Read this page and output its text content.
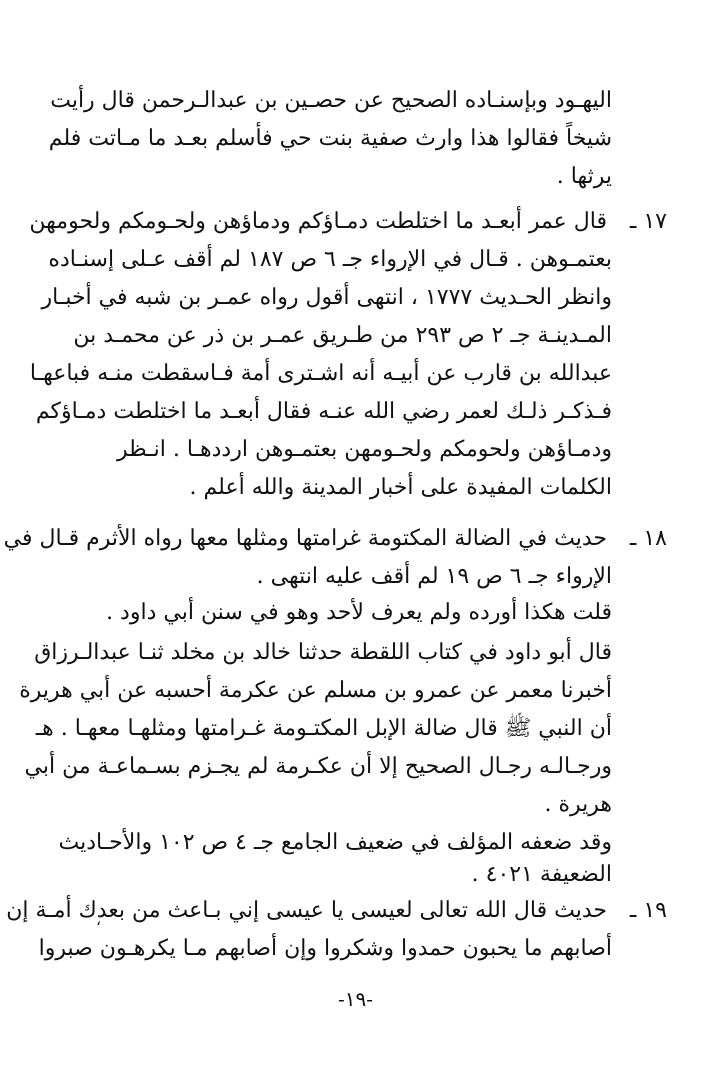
اليهـود وبإسنـاده الصحيح عن حصـين بن عبدالـرحمن قال رأيت
شيخاً فقالوا هذا وارث صفية بنت حي فأسلم بعـد ما مـاتت فلم
يرثها .
١٧ ـ
قال عمر أبعـد ما اختلطت دمـاؤكم ودماؤهن ولحـومكم ولحومهن
بعتمـوهن . قـال في الإرواء جـ ٦ ص ١٨٧ لم أقف عـلى إسنـاده
وانظر الحـديث ١٧٧٧ ، انتهى أقول رواه عمـر بن شبه في أخبـار
المـدينـة جـ ٢ ص ٢٩٣ من طـريق عمـر بن ذر عن محمـد بن
عبدالله بن قارب عن أبيـه أنه اشـترى أمة فـاسقطت منـه فباعهـا
فـذكـر ذلـك لعمر رضي الله عنـه فقال أبعـد ما اختلطت دمـاؤكم
ودمـاؤهن ولحومكم ولحـومهن بعتمـوهن ارددهـا . انـظر
الكلمات المفيدة على أخبار المدينة والله أعلم .
١٨ ـ
حديث في الضالة المكتومة غرامتها ومثلها معها رواه الأثرم قـال في
الإرواء جـ ٦ ص ١٩ لم أقف عليه انتهى .
قلت هكذا أورده ولم يعرف لأحد وهو في سنن أبي داود .
قال أبو داود في كتاب اللقطة حدثنا خالد بن مخلد ثنـا عبدالـرزاق
أخبرنا معمر عن عمرو بن مسلم عن عكرمة أحسبه عن أبي هريرة
أن النبي ﷺ قال ضالة الإبل المكتـومة غـرامتها ومثلهـا معهـا . هـ
ورجـالـه رجـال الصحيح إلا أن عكـرمة لم يجـزم بسـماعـة من أبي
هريرة .
وقد ضعفه المؤلف في ضعيف الجامع جـ ٤ ص ١٠٢ والأحـاديث
الضعيفة ٤٠٢١ .
١٩ ـ
حديث قال الله تعالى لعيسى يا عيسى إني بـاعث من بعدك أمـة إن
أصابهم ما يحبون حمدوا وشكروا وإن أصابهم مـا يكرهـون صبروا
‘
-١٩-
